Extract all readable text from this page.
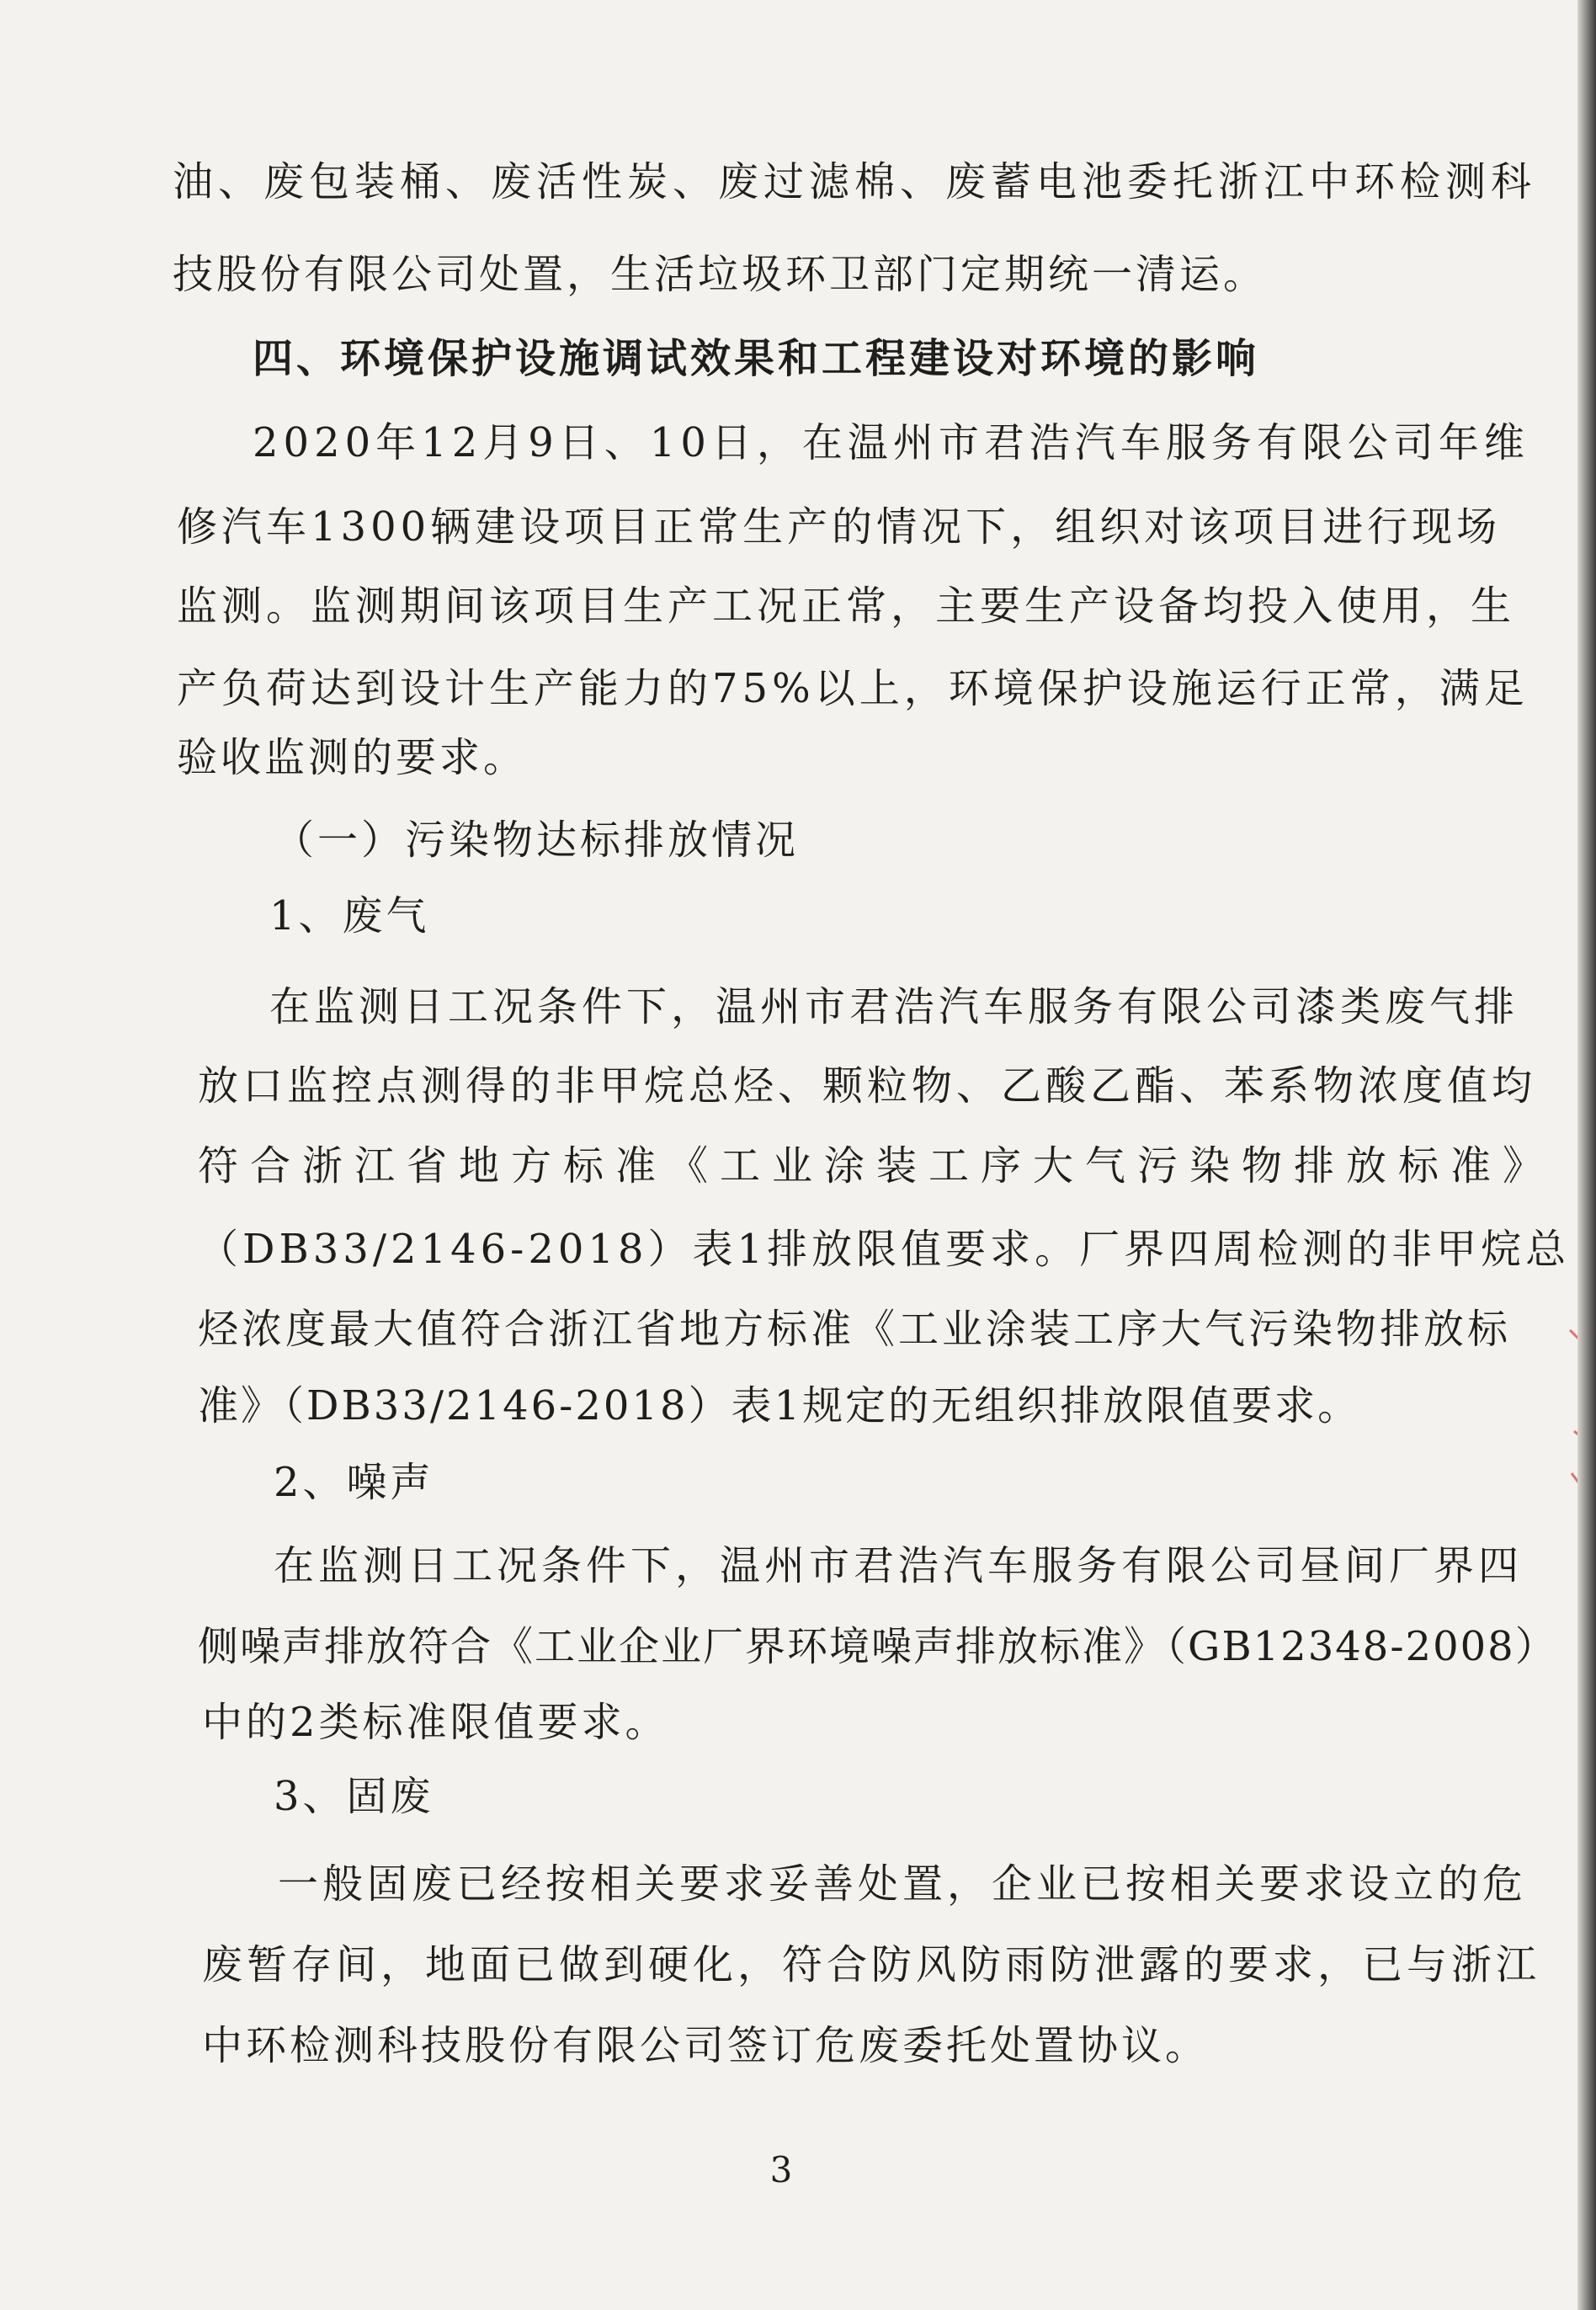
油、废包装桶、废活性炭、废过滤棉、废蓄电池委托浙江中环检测科
技股份有限公司处置，生活垃圾环卫部门定期统一清运。
四、环境保护设施调试效果和工程建设对环境的影响
2020年12月9日、10日，在温州市君浩汽车服务有限公司年维
修汽车1300辆建设项目正常生产的情况下，组织对该项目进行现场
监测。监测期间该项目生产工况正常，主要生产设备均投入使用，生
产负荷达到设计生产能力的75%以上，环境保护设施运行正常，满足
验收监测的要求。
（一）污染物达标排放情况
1、废气
在监测日工况条件下，温州市君浩汽车服务有限公司漆类废气排
放口监控点测得的非甲烷总烃、颗粒物、乙酸乙酯、苯系物浓度值均
符合浙江省地方标准《工业涂装工序大气污染物排放标准》
（DB33/2146-2018）表1排放限值要求。厂界四周检测的非甲烷总
烃浓度最大值符合浙江省地方标准《工业涂装工序大气污染物排放标
准》（DB33/2146-2018）表1规定的无组织排放限值要求。
2、噪声
在监测日工况条件下，温州市君浩汽车服务有限公司昼间厂界四
侧噪声排放符合《工业企业厂界环境噪声排放标准》（GB12348-2008）
中的2类标准限值要求。
3、固废
一般固废已经按相关要求妥善处置，企业已按相关要求设立的危
废暂存间，地面已做到硬化，符合防风防雨防泄露的要求，已与浙江
中环检测科技股份有限公司签订危废委托处置协议。
3
